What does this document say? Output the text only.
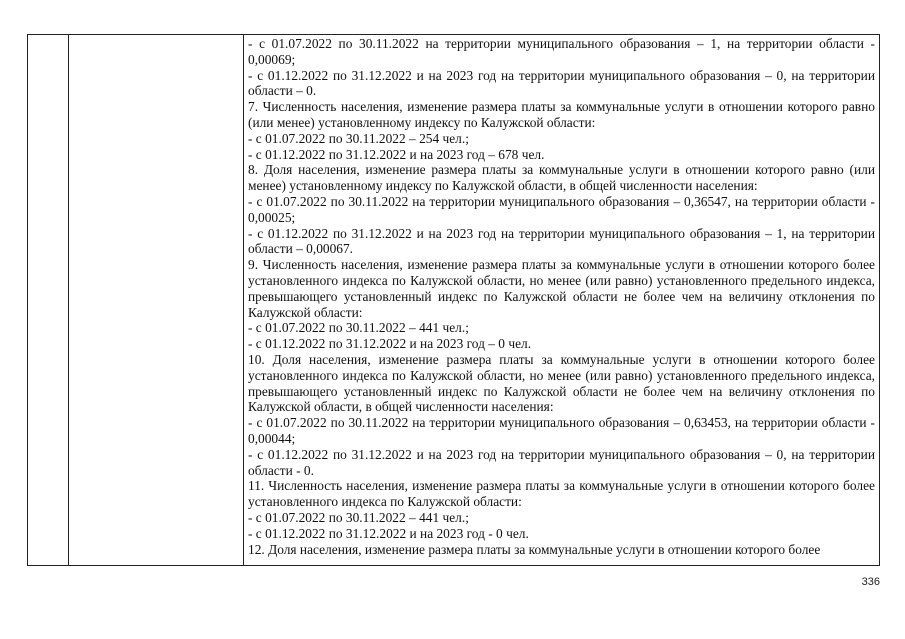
- с 01.07.2022 по 30.11.2022 на территории муниципального образования – 1, на территории области - 0,00069;

- с 01.12.2022 по 31.12.2022 и на 2023 год на территории муниципального образования – 0, на территории области – 0.

7. Численность населения, изменение размера платы за коммунальные услуги в отношении которого равно (или менее) установленному индексу по Калужской области:

- с 01.07.2022 по 30.11.2022 – 254 чел.;

- с 01.12.2022 по 31.12.2022 и на 2023 год – 678 чел.

8. Доля населения, изменение размера платы за коммунальные услуги в отношении которого равно (или менее) установленному индексу по Калужской области, в общей численности населения:

- с 01.07.2022 по 30.11.2022 на территории муниципального образования – 0,36547, на территории области - 0,00025;

- с 01.12.2022 по 31.12.2022 и на 2023 год на территории муниципального образования – 1, на территории области – 0,00067.

9. Численность населения, изменение размера платы за коммунальные услуги в отношении которого более установленного индекса по Калужской области, но менее (или равно) установленного предельного индекса, превышающего установленный индекс по Калужской области не более чем на величину отклонения по Калужской области:

- с 01.07.2022 по 30.11.2022 – 441 чел.;

- с 01.12.2022 по 31.12.2022 и на 2023 год – 0 чел.

10. Доля населения, изменение размера платы за коммунальные услуги в отношении которого более установленного индекса по Калужской области, но менее (или равно) установленного предельного индекса, превышающего установленный индекс по Калужской области не более чем на величину отклонения по Калужской области, в общей численности населения:

- с 01.07.2022 по 30.11.2022 на территории муниципального образования – 0,63453, на территории области - 0,00044;

- с 01.12.2022 по 31.12.2022 и на 2023 год на территории муниципального образования – 0, на территории области - 0.

11. Численность населения, изменение размера платы за коммунальные услуги в отношении которого более установленного индекса по Калужской области:

- с 01.07.2022 по 30.11.2022 – 441 чел.;

- с 01.12.2022 по 31.12.2022 и на 2023 год - 0 чел.

12. Доля населения, изменение размера платы за коммунальные услуги в отношении которого более

336
